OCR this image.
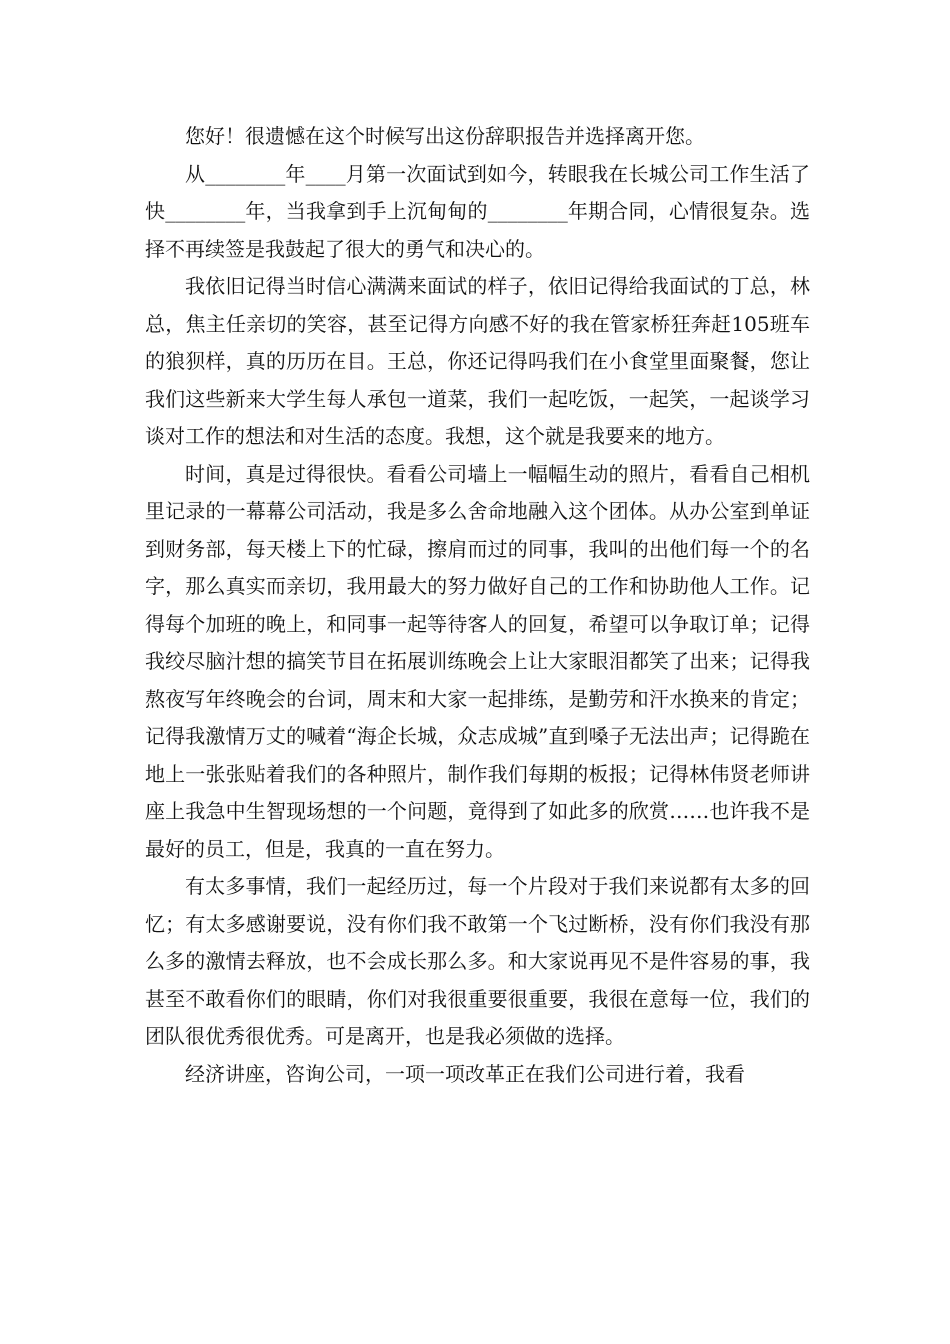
您好！很遗憾在这个时候写出这份辞职报告并选择离开您。

从________年____月第一次面试到如今，转眼我在长城公司工作生活了快________年，当我拿到手上沉甸甸的________年期合同，心情很复杂。选择不再续签是我鼓起了很大的勇气和决心的。

我依旧记得当时信心满满来面试的样子，依旧记得给我面试的丁总，林总，焦主任亲切的笑容，甚至记得方向感不好的我在管家桥狂奔赶105班车的狼狈样，真的历历在目。王总，你还记得吗我们在小食堂里面聚餐，您让我们这些新来大学生每人承包一道菜，我们一起吃饭，一起笑，一起谈学习谈对工作的想法和对生活的态度。我想，这个就是我要来的地方。

时间，真是过得很快。看看公司墙上一幅幅生动的照片，看看自己相机里记录的一幕幕公司活动，我是多么舍命地融入这个团体。从办公室到单证到财务部，每天楼上下的忙碌，擦肩而过的同事，我叫的出他们每一个的名字，那么真实而亲切，我用最大的努力做好自己的工作和协助他人工作。记得每个加班的晚上，和同事一起等待客人的回复，希望可以争取订单；记得我绞尽脑汁想的搞笑节目在拓展训练晚会上让大家眼泪都笑了出来；记得我熬夜写年终晚会的台词，周末和大家一起排练，是勤劳和汗水换来的肯定；记得我激情万丈的喊着“海企长城，众志成城”直到嗓子无法出声；记得跪在地上一张张贴着我们的各种照片，制作我们每期的板报；记得林伟贤老师讲座上我急中生智现场想的一个问题，竟得到了如此多的欣赏……也许我不是最好的员工，但是，我真的一直在努力。

有太多事情，我们一起经历过，每一个片段对于我们来说都有太多的回忆；有太多感谢要说，没有你们我不敢第一个飞过断桥，没有你们我没有那么多的激情去释放，也不会成长那么多。和大家说再见不是件容易的事，我甚至不敢看你们的眼睛，你们对我很重要很重要，我很在意每一位，我们的团队很优秀很优秀。可是离开，也是我必须做的选择。

经济讲座，咨询公司，一项一项改革正在我们公司进行着，我看
